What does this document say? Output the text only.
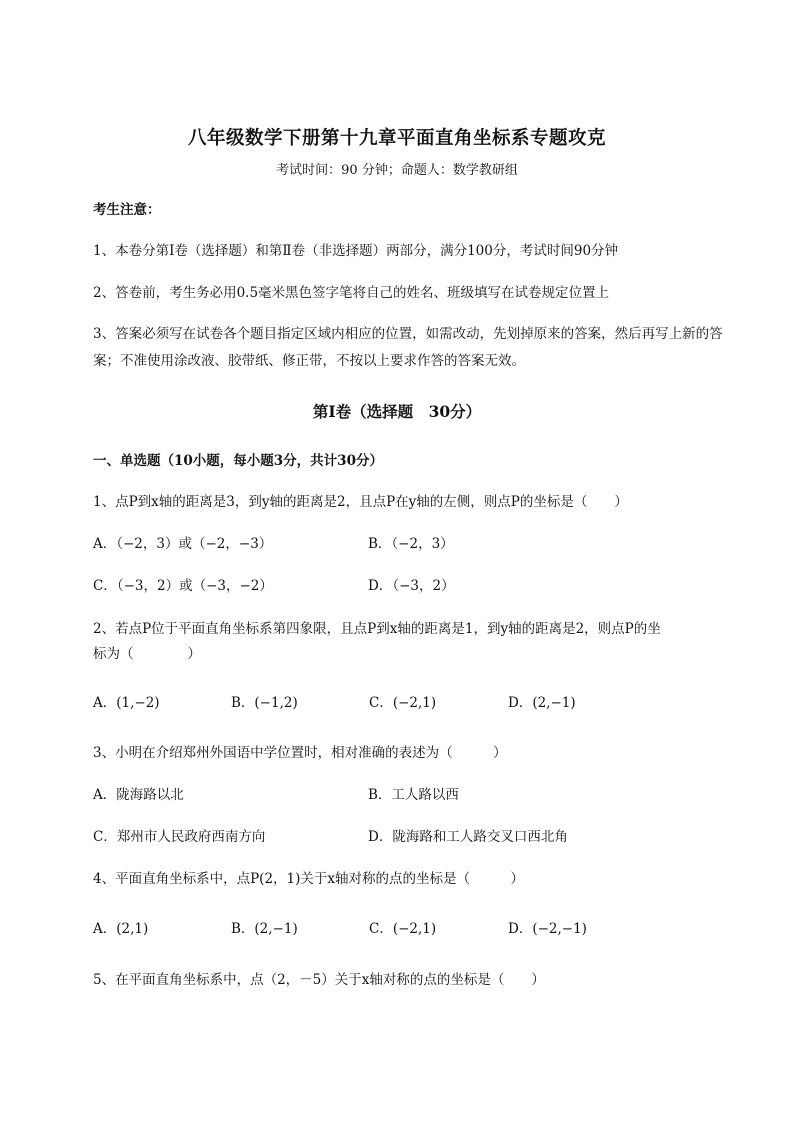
八年级数学下册第十九章平面直角坐标系专题攻克
考试时间：90 分钟；命题人：数学教研组
考生注意：
1、本卷分第Ⅰ卷（选择题）和第Ⅱ卷（非选择题）两部分，满分100分，考试时间90分钟
2、答卷前，考生务必用0.5毫米黑色签字笔将自己的姓名、班级填写在试卷规定位置上
3、答案必须写在试卷各个题目指定区域内相应的位置，如需改动，先划掉原来的答案，然后再写上新的答案；不准使用涂改液、胶带纸、修正带，不按以上要求作答的答案无效。
第Ⅰ卷（选择题　30分）
一、单选题（10小题，每小题3分，共计30分）
1、点P到x轴的距离是3，到y轴的距离是2，且点P在y轴的左侧，则点P的坐标是（　　）
A．（−2，3）或（−2，−3）	B．（−2，3）
C．（−3，2）或（−3，−2）	D．（−3，2）
2、若点P位于平面直角坐标系第四象限，且点P到x轴的距离是1，到y轴的距离是2，则点P的坐
标为（　　　　）
A．(1,−2)	B．(−1,2)	C．(−2,1)	D．(2,−1)
3、小明在介绍郑州外国语中学位置时，相对准确的表述为（　　　）
A．陇海路以北	B．工人路以西
C．郑州市人民政府西南方向	D．陇海路和工人路交叉口西北角
4、平面直角坐标系中，点P(2，1)关于x轴对称的点的坐标是（　　　）
A．(2,1)	B．(2,−1)	C．(−2,1)	D．(−2,−1)
5、在平面直角坐标系中，点（2，－5）关于x轴对称的点的坐标是（　　）
